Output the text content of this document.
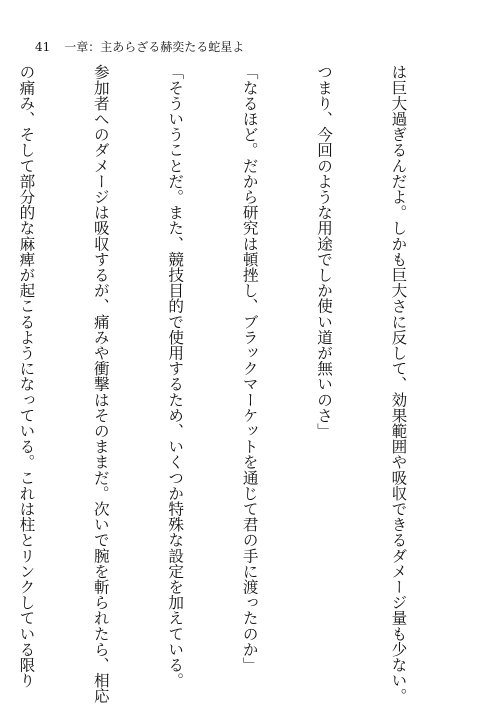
41 一章：主あらざる赫奕たる蛇星よ

は巨大過ぎるんだよ。しかも巨大さに反して、効果範囲や吸収できるダメージ量も少ない。

つまり、今回のような用途でしか使い道が無いのさ」

「なるほど。だから研究は頓挫し、ブラックマーケットを通じて君の手に渡ったのか」

「そういうことだ。また、競技目的で使用するため、いくつか特殊な設定を加えている。

参加者へのダメージは吸収するが、痛みや衝撃はそのままだ。次いで腕を斬られたら、相応

の痛み、そして部分的な麻痺が起こるようになっている。これは柱とリンクしている限り
